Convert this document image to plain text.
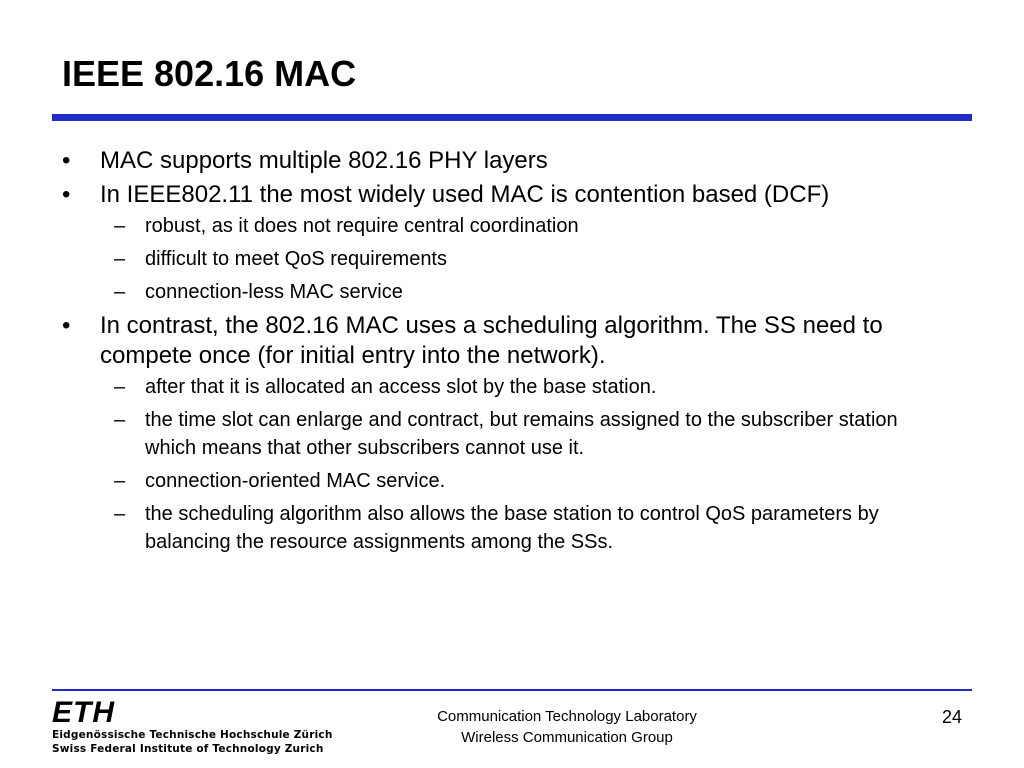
IEEE 802.16 MAC
• MAC supports multiple 802.16 PHY layers
• In IEEE802.11 the most widely used MAC is contention based (DCF)
– robust, as it does not require central coordination
– difficult to meet QoS requirements
– connection-less MAC service
• In contrast, the 802.16 MAC uses a scheduling algorithm. The SS need to compete once (for initial entry into the network).
– after that it is allocated an access slot by the base station.
– the time slot can enlarge and contract, but remains assigned to the subscriber station which means that other subscribers cannot use it.
– connection-oriented MAC service.
– the scheduling algorithm also allows the base station to control QoS parameters by balancing the resource assignments among the SSs.
ETH
Eidgenössische Technische Hochschule Zürich
Swiss Federal Institute of Technology Zurich
Communication Technology Laboratory
Wireless Communication Group
24
